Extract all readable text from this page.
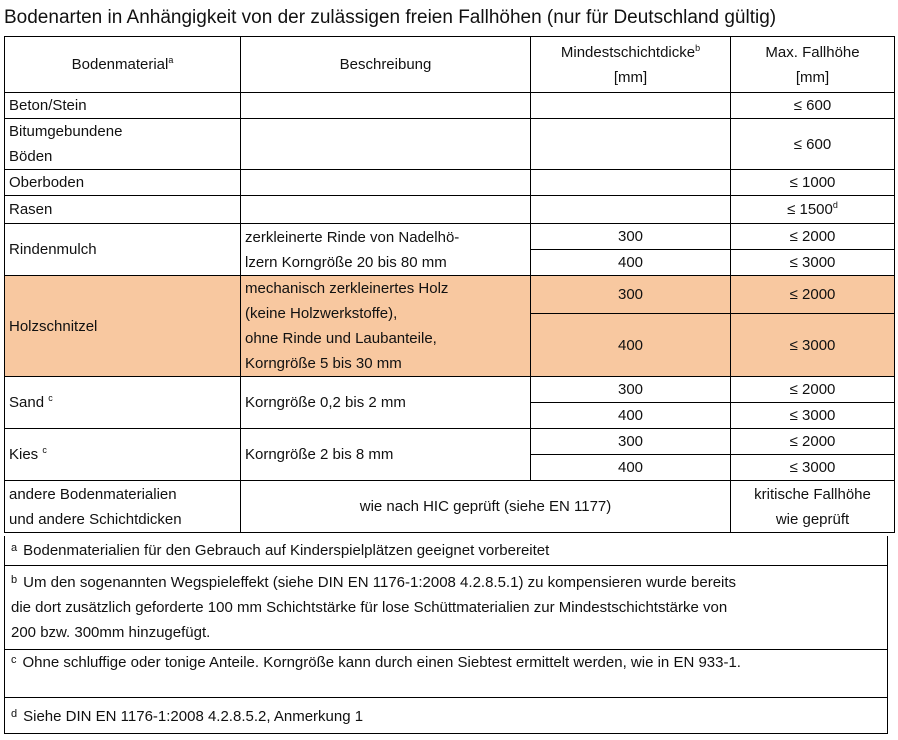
Bodenarten in Anhängigkeit von der zulässigen freien Fallhöhen (nur für Deutschland gültig)
Bodenmaterial$^a$	Beschreibung	Mindestschichtdicke$^b$
[mm]	Max. Fallhöhe
[mm]
Beton/Stein			≤ 600
Bitumgebundene
Böden			≤ 600
Oberboden			≤ 1000
Rasen			≤ $1500^d$
Rindenmulch	zerkleinerte Rinde von Nadelhö-
lzern Korngröße 20 bis 80 mm	300	≤ 2000
		400	≤ 3000
Holzschnitzel	mechanisch zerkleinertes Holz
(keine Holzwerkstoffe),
ohne Rinde und Laubanteile,
Korngröße 5 bis 30 mm	300	≤ 2000
		400	≤ 3000
Sand $^c$	Korngröße 0,2 bis 2 mm	300	≤ 2000
		400	≤ 3000
Kies $^c$	Korngröße 2 bis 8 mm	300	≤ 2000
		400	≤ 3000
andere Bodenmaterialien
und andere Schichtdicken	wie nach HIC geprüft (siehe EN 1177)		kritische Fallhöhe
wie geprüft
$^a$ Bodenmaterialien für den Gebrauch auf Kinderspielplätzen geeignet vorbereitet
$^b$ Um den sogenannten Wegspieleffekt (siehe DIN EN 1176-1:2008 4.2.8.5.1) zu kompensieren wurde bereits
die dort zusätzlich geforderte 100 mm Schichtstärke für lose Schüttmaterialien zur Mindestschichtstärke von
200 bzw. 300mm hinzugefügt.
$^c$ Ohne schluffige oder tonige Anteile. Korngröße kann durch einen Siebtest ermittelt werden, wie in EN 933-1.
$^d$ Siehe DIN EN 1176-1:2008 4.2.8.5.2, Anmerkung 1
